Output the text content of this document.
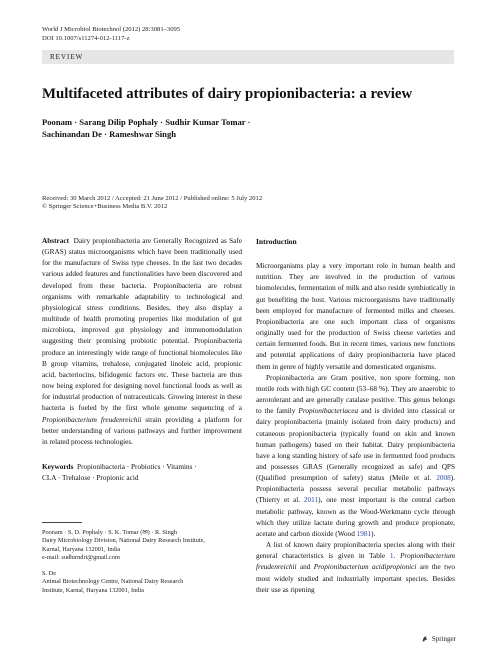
World J Microbiol Biotechnol (2012) 28:3081–3095
DOI 10.1007/s11274-012-1117-z
REVIEW
Multifaceted attributes of dairy propionibacteria: a review
Poonam · Sarang Dilip Pophaly · Sudhir Kumar Tomar ·
Sachinandan De · Rameshwar Singh
Received: 30 March 2012 / Accepted: 21 June 2012 / Published online: 5 July 2012
© Springer Science+Business Media B.V. 2012

Abstract Dairy propionibacteria are Generally Recognized as Safe (GRAS) status microorganisms which have been traditionally used for the manufacture of Swiss type cheeses. In the last two decades various added features and functionalities have been discovered and developed from these bacteria. Propionibacteria are robust organisms with remarkable adaptability to technological and physiological stress conditions. Besides, they also display a multitude of health promoting properties like modulation of gut microbiota, improved gut physiology and immunomodulation suggesting their promising probiotic potential. Propionibacteria produce an interestingly wide range of functional biomolecules like B group vitamins, trehalose, conjugated linoleic acid, propionic acid, bacteriocins, bifidogenic factors etc. These bacteria are thus now being explored for designing novel functional foods as well as for industrial production of nutraceuticals. Growing interest in these bacteria is fueled by the first whole genome sequencing of a Propionibacterium freudenreichii strain providing a platform for better understanding of various pathways and further improvement in related process technologies.

Keywords Propionibacteria · Probiotics · Vitamins ·
CLA · Trehalose · Propionic acid
Poonam · S. D. Pophaly · S. K. Tomar (✉) · R. Singh
Dairy Microbiology Division, National Dairy Research Institute,
Karnal, Haryana 132001, India
e-mail: sudhirndri@gmail.com
S. De
Animal Biotechnology Centre, National Dairy Research
Institute, Karnal, Haryana 132001, India
Introduction

Microorganisms play a very important role in human health and nutrition. They are involved in the production of various biomolecules, fermentation of milk and also reside symbiotically in gut benefiting the host. Various microorganisms have traditionally been employed for manufacture of fermented milks and cheeses. Propionibacteria are one such important class of organisms originally used for the production of Swiss cheese varieties and certain fermented foods. But in recent times, various new functions and potential applications of dairy propionibacteria have placed them in genre of highly versatile and domesticated organisms.

Propionibacteria are Gram positive, non spore forming, non motile rods with high GC content (53–68 %). They are anaerobic to aerotolerant and are generally catalase positive. This genus belongs to the family Propionibacteriacea and is divided into classical or dairy propionibacteria (mainly isolated from dairy products) and cutaneous propionibacteria (typically found on skin and known human pathogens) based on their habitat. Dairy propionibacteria have a long standing history of safe use in fermented food products and possesses GRAS (Generally recognized as safe) and QPS (Qualified presumption of safety) status (Meile et al. 2008). Propionibacteria possess several peculiar metabolic pathways (Thierry et al. 2011), one most important is the central carbon metabolic pathway, known as the Wood-Werkmann cycle through which they utilize lactate during growth and produce propionate, acetate and carbon dioxide (Wood 1981).

A list of known dairy propionibacteria species along with their general characteristics is given in Table 1. Propionibacterium freudenreichii and Propionibacterium acidipropionici are the two most widely studied and industrially important species. Besides their use as ripening

Springer
